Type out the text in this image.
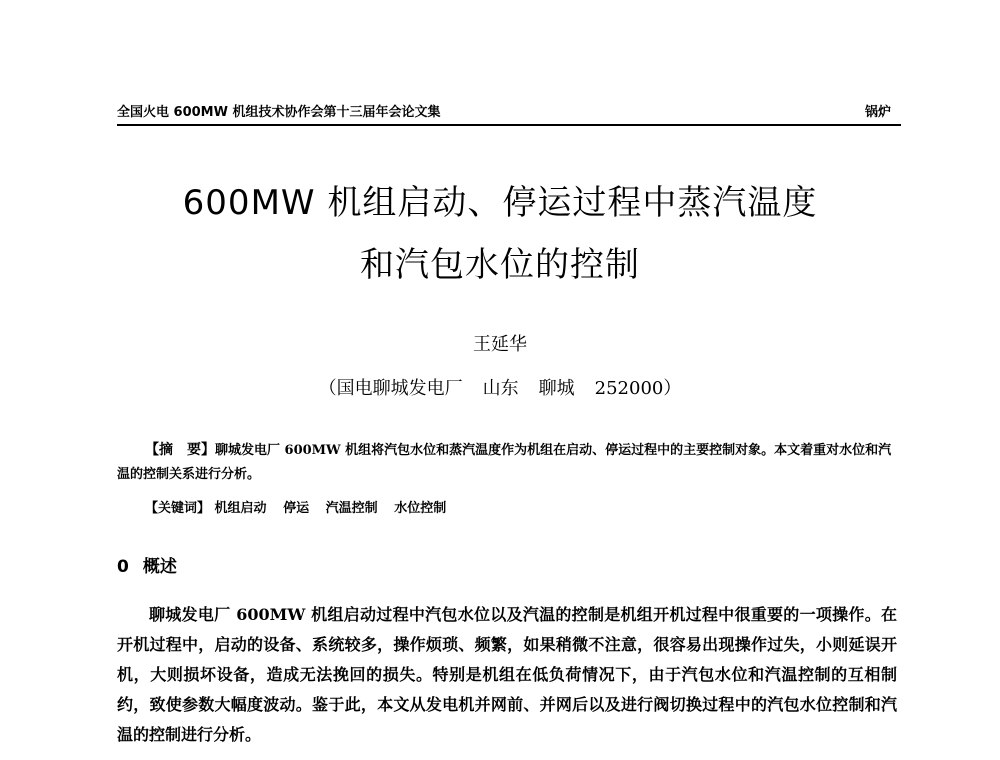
全国火电 600MW 机组技术协作会第十三届年会论文集	锅炉
600MW 机组启动、停运过程中蒸汽温度
和汽包水位的控制
王延华
（国电聊城发电厂 山东 聊城 252000）

【摘　要】聊城发电厂 600MW 机组将汽包水位和蒸汽温度作为机组在启动、停运过程中的主要控制对象。本文着重对水位和汽温的控制关系进行分析。

【关键词】 机组启动 停运 汽温控制 水位控制
0 概述

聊城发电厂 600MW 机组启动过程中汽包水位以及汽温的控制是机组开机过程中很重要的一项操作。在开机过程中，启动的设备、系统较多，操作烦琐、频繁，如果稍微不注意，很容易出现操作过失，小则延误开机，大则损坏设备，造成无法挽回的损失。特别是机组在低负荷情况下，由于汽包水位和汽温控制的互相制约，致使参数大幅度波动。鉴于此，本文从发电机并网前、并网后以及进行阀切换过程中的汽包水位控制和汽温的控制进行分析。
